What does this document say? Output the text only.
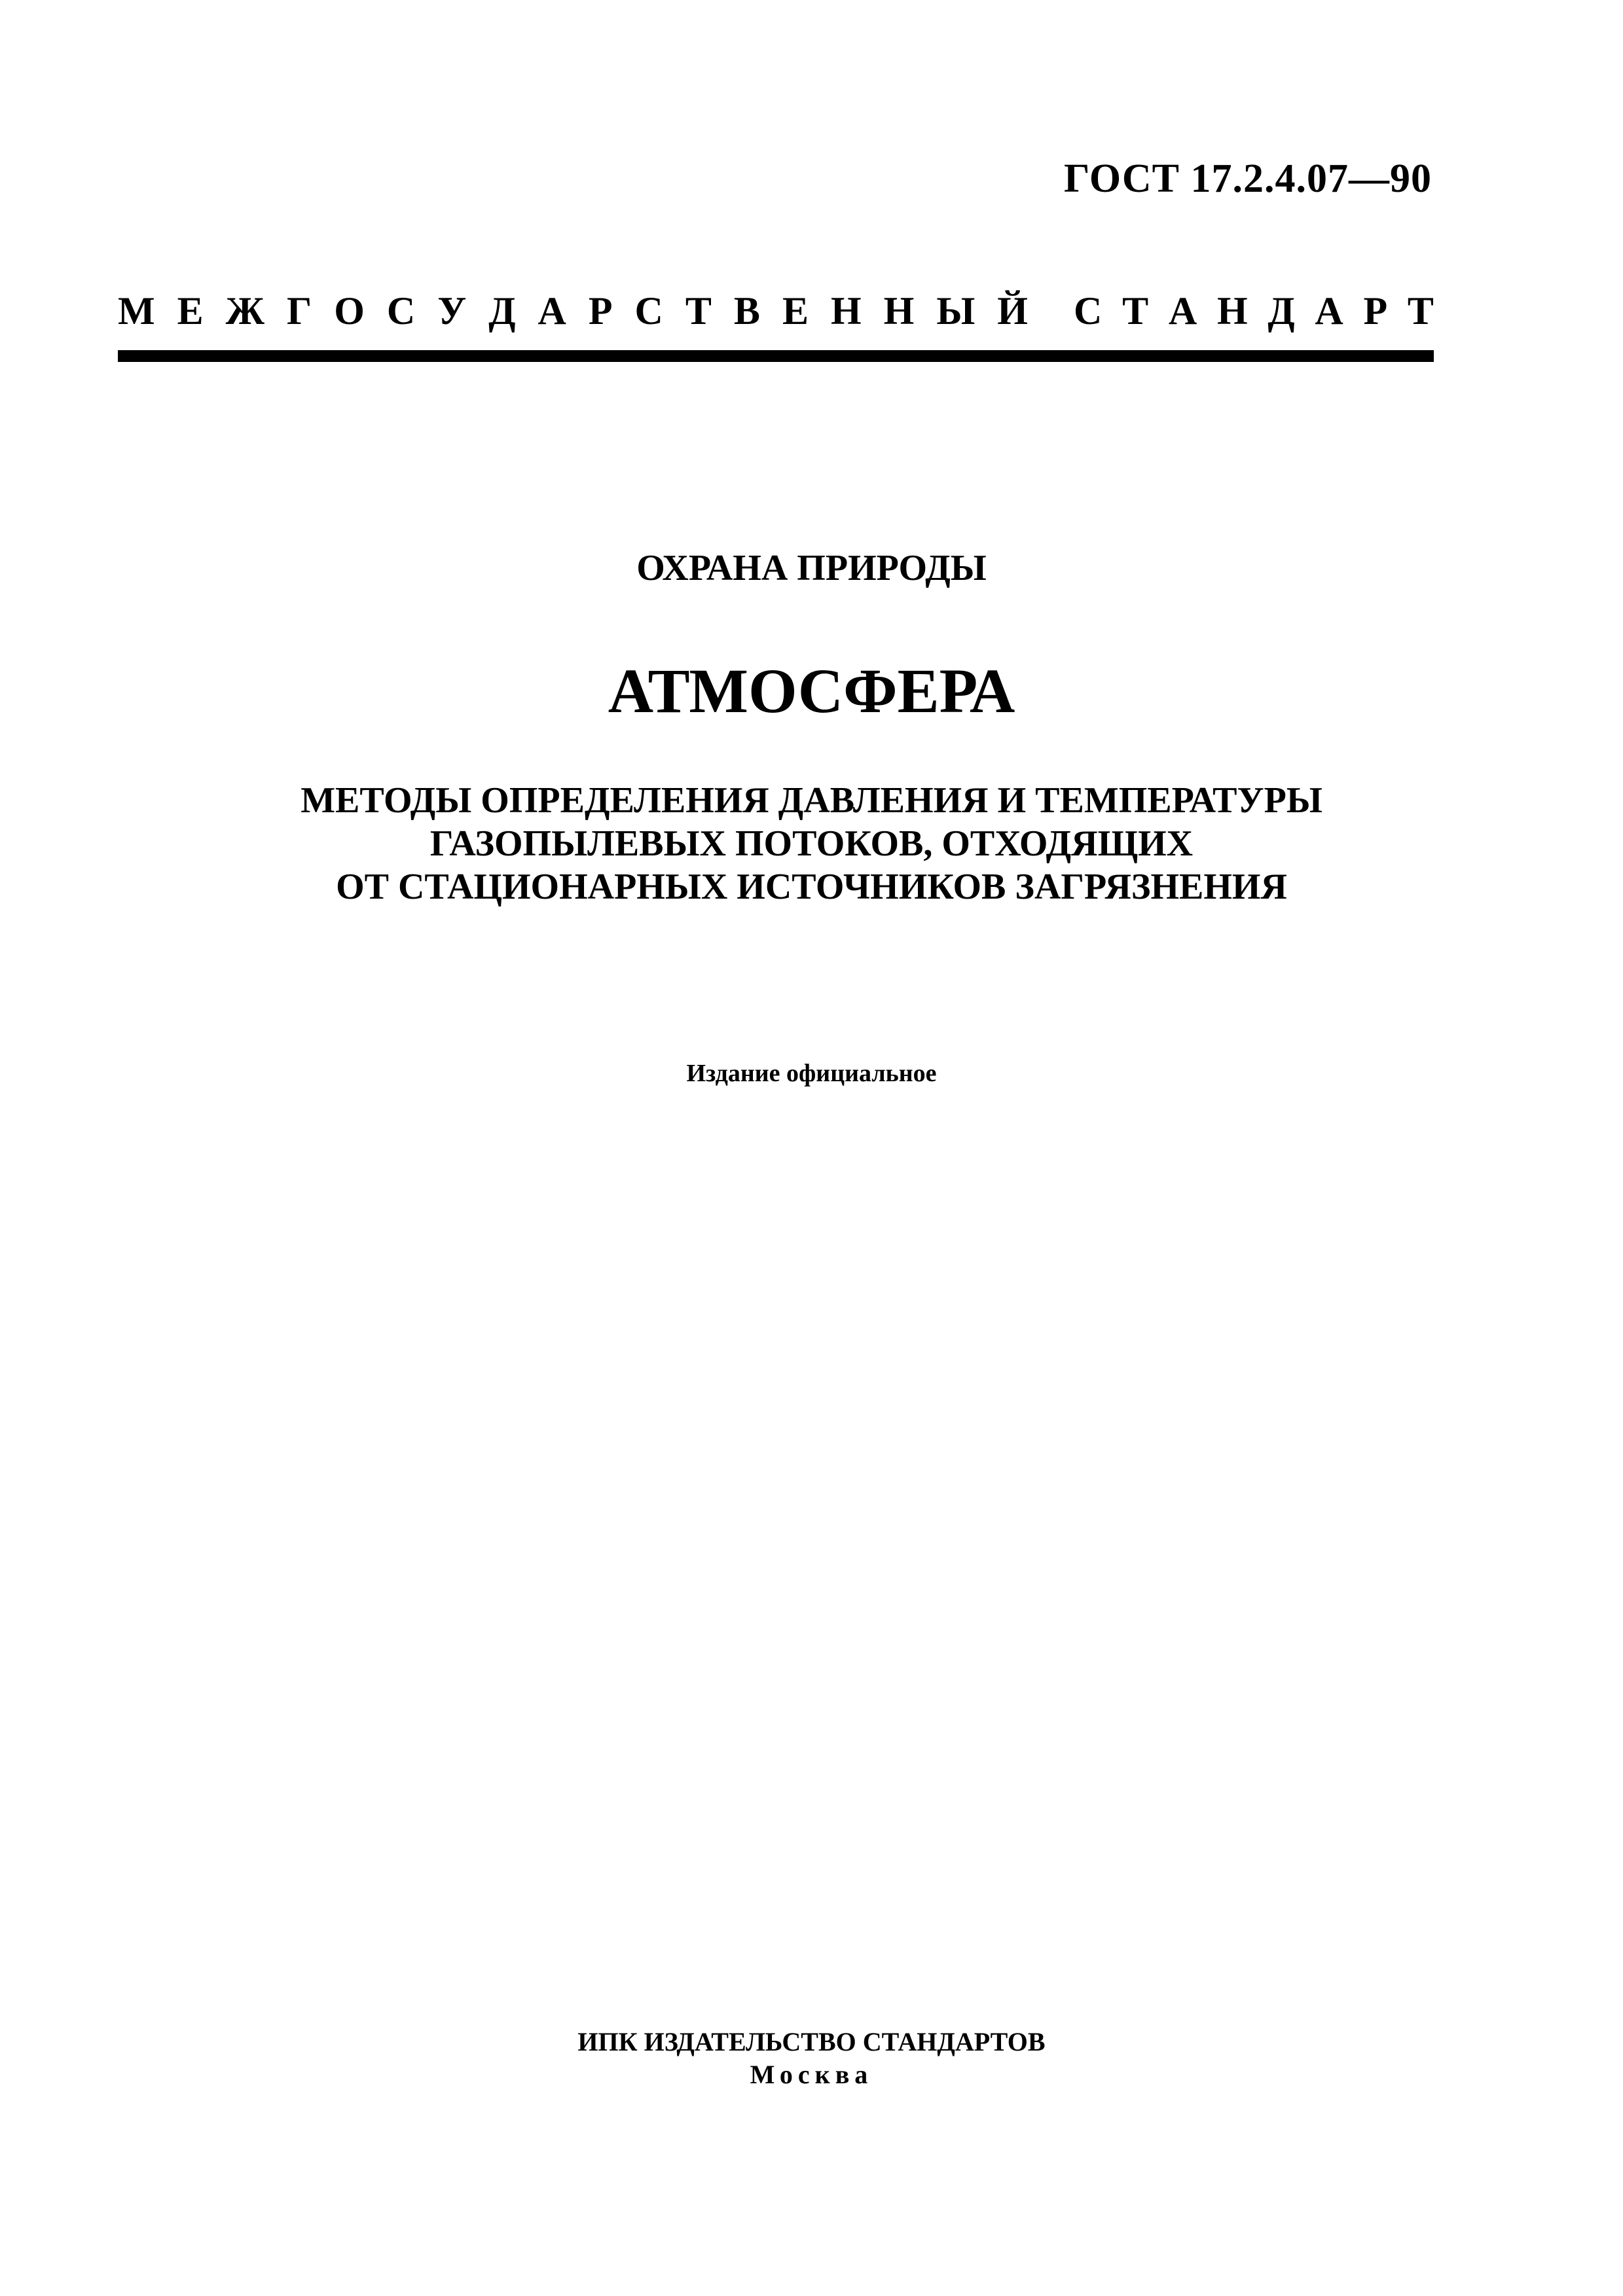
ГОСТ 17.2.4.07—90
М Е Ж Г О С У Д А Р С Т В Е Н Н Ы Й С Т А Н Д А Р Т
ОХРАНА ПРИРОДЫ
АТМОСФЕРА
МЕТОДЫ ОПРЕДЕЛЕНИЯ ДАВЛЕНИЯ И ТЕМПЕРАТУРЫ
ГАЗОПЫЛЕВЫХ ПОТОКОВ, ОТХОДЯЩИХ
ОТ СТАЦИОНАРНЫХ ИСТОЧНИКОВ ЗАГРЯЗНЕНИЯ
Издание официальное
ИПК ИЗДАТЕЛЬСТВО СТАНДАРТОВ
Москва
